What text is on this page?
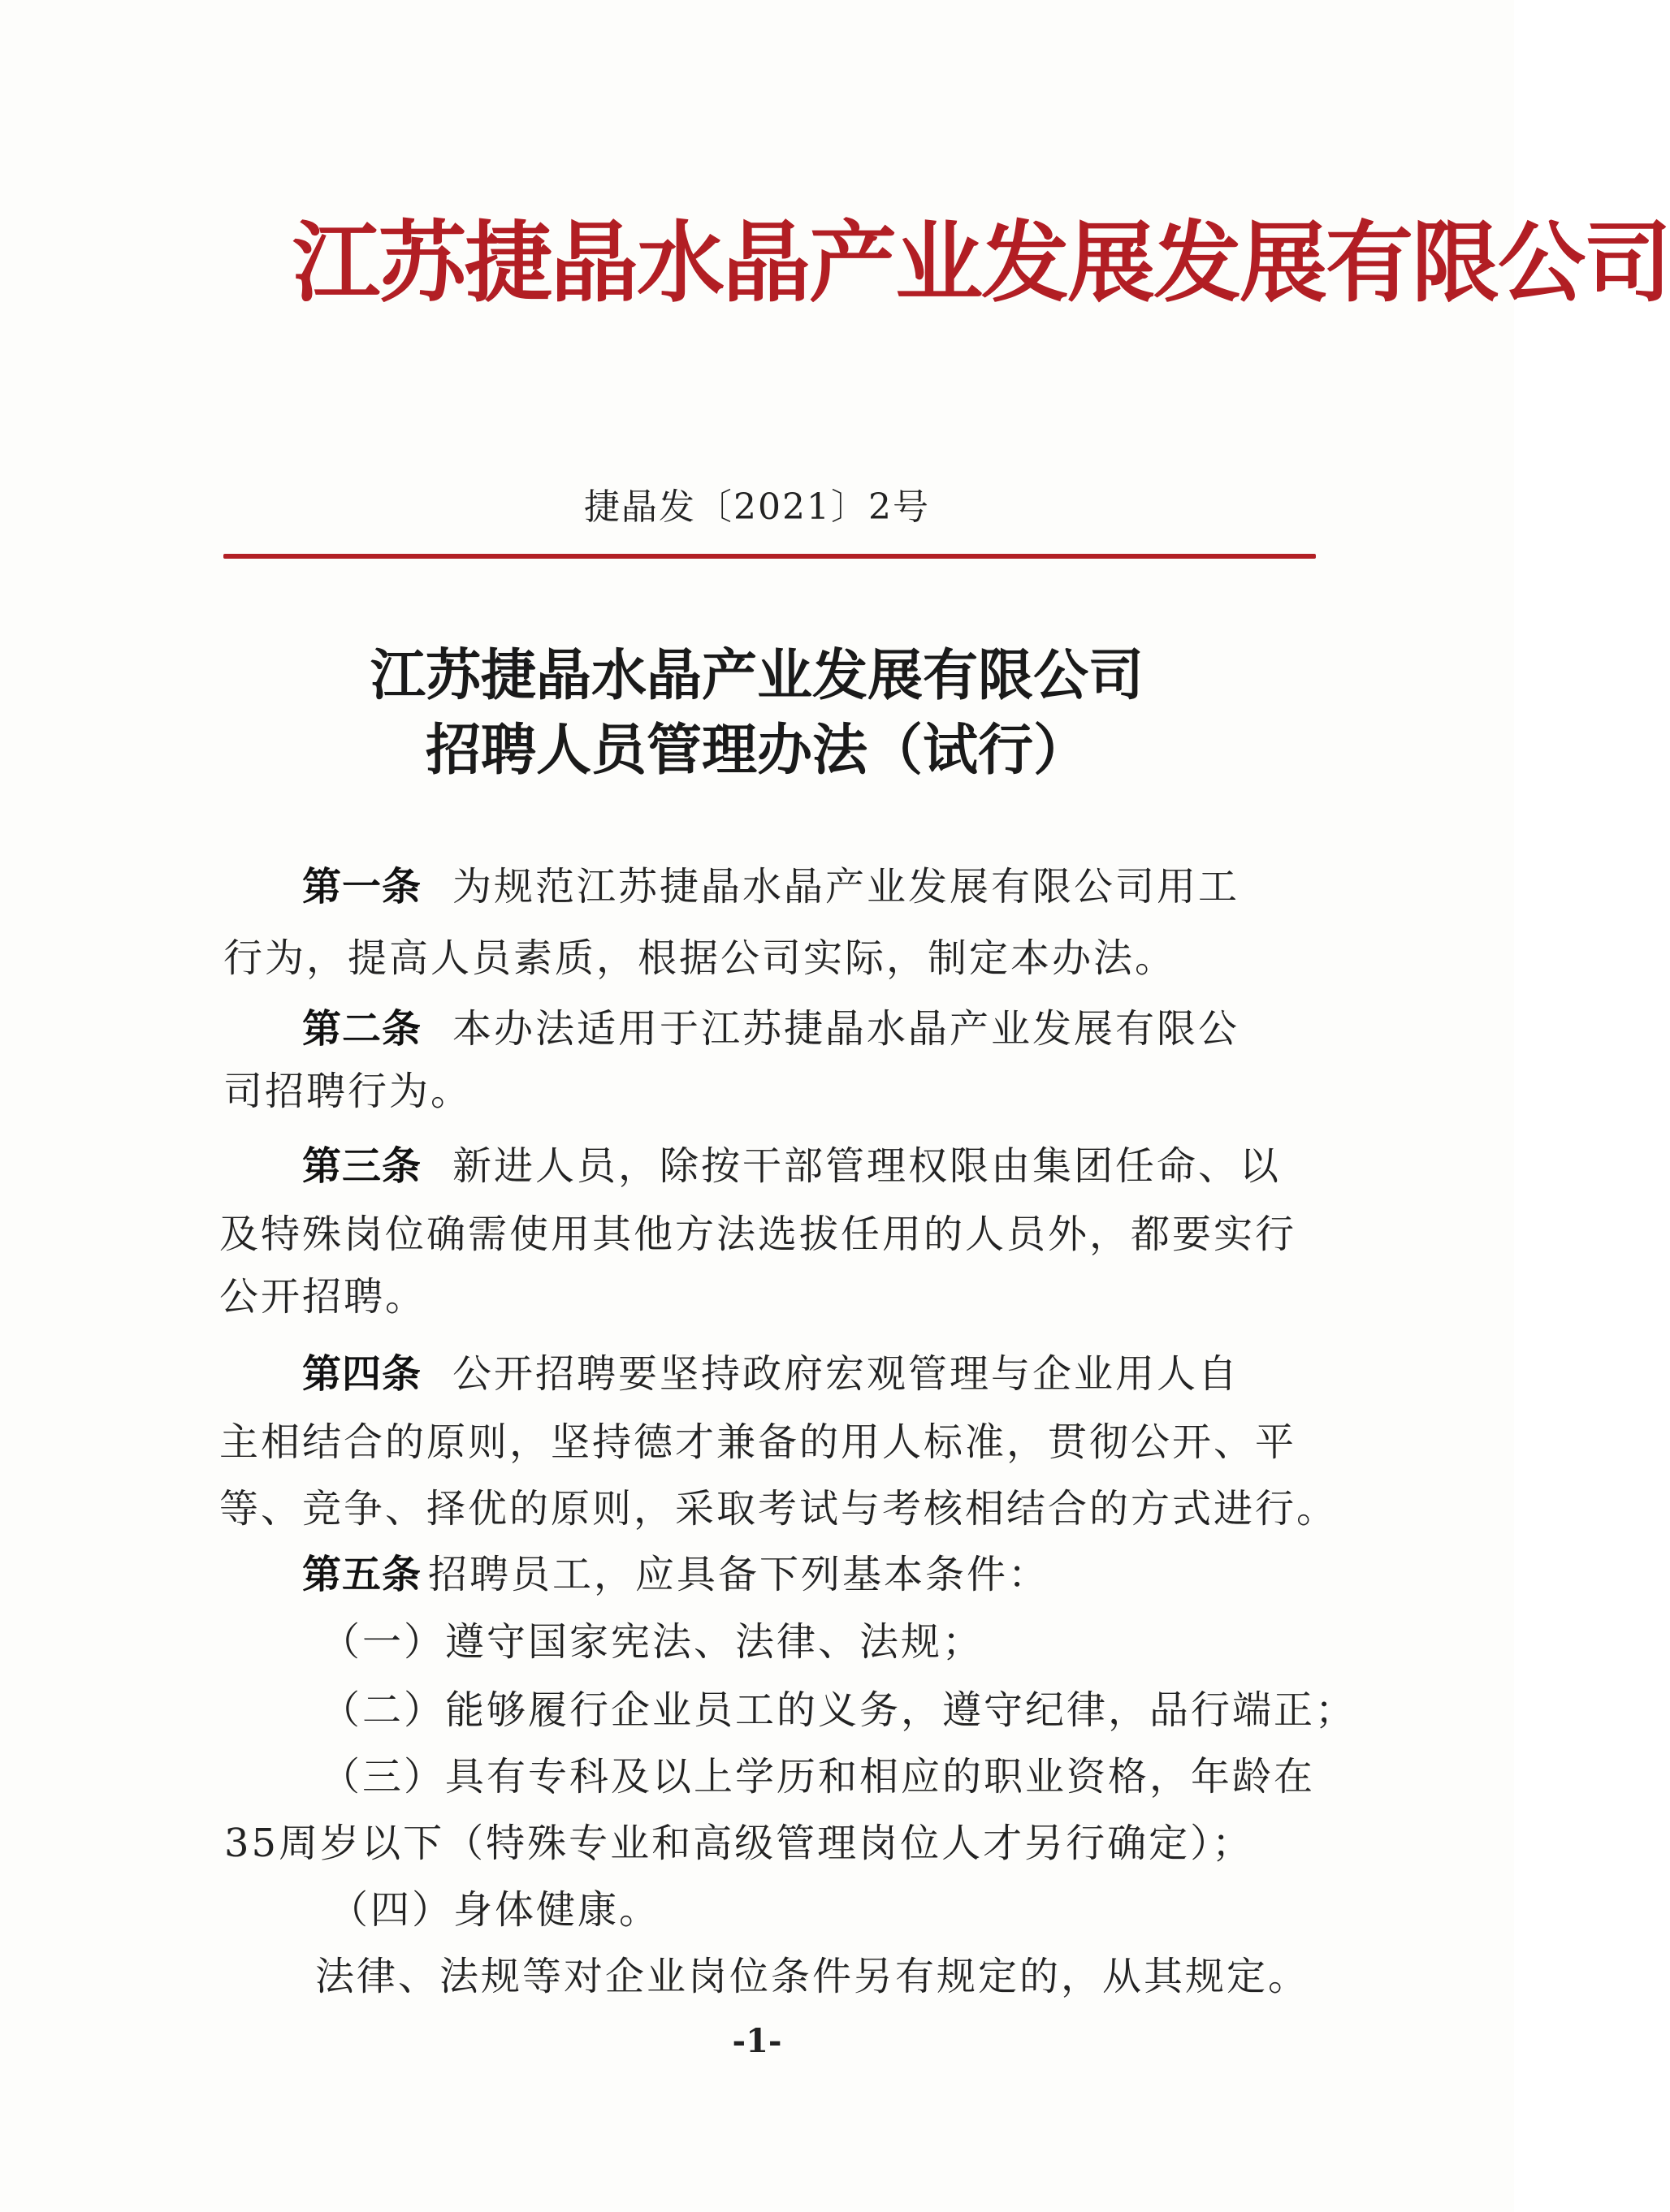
江苏捷晶水晶产业发展发展有限公司
捷晶发〔2021〕2号
江苏捷晶水晶产业发展有限公司
招聘人员管理办法（试行）
第一条 为规范江苏捷晶水晶产业发展有限公司用工
行为，提高人员素质，根据公司实际，制定本办法。
第二条 本办法适用于江苏捷晶水晶产业发展有限公
司招聘行为。
第三条 新进人员，除按干部管理权限由集团任命、以
及特殊岗位确需使用其他方法选拔任用的人员外，都要实行
公开招聘。
第四条 公开招聘要坚持政府宏观管理与企业用人自
主相结合的原则，坚持德才兼备的用人标准，贯彻公开、平
等、竞争、择优的原则，采取考试与考核相结合的方式进行。
第五条 招聘员工，应具备下列基本条件：
（一）遵守国家宪法、法律、法规；
（二）能够履行企业员工的义务，遵守纪律，品行端正；
（三）具有专科及以上学历和相应的职业资格，年龄在
35周岁以下（特殊专业和高级管理岗位人才另行确定）；
（四）身体健康。
法律、法规等对企业岗位条件另有规定的，从其规定。
-1-
